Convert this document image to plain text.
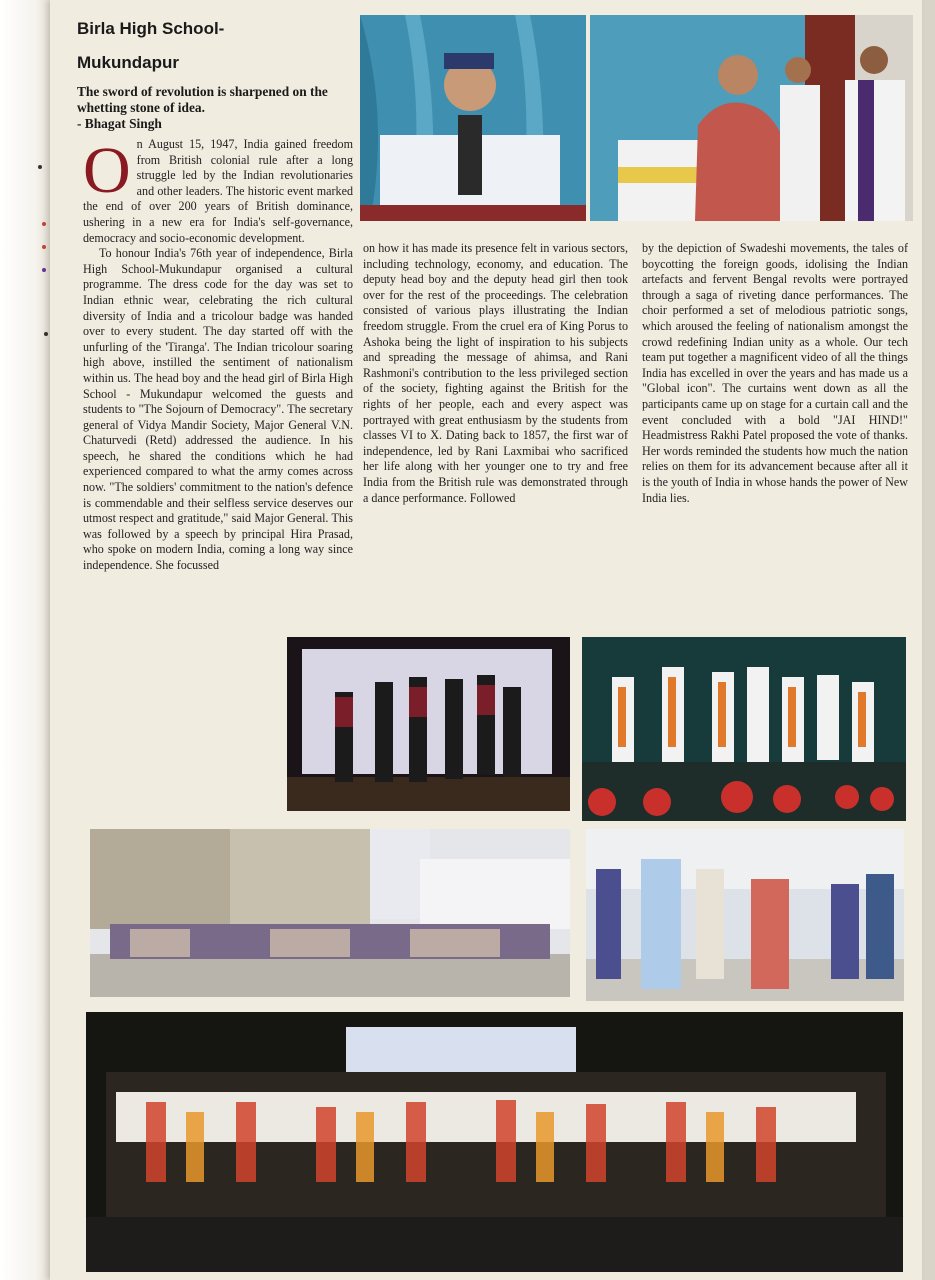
Birla High School-
Mukundapur
The sword of revolution is sharpened on the whetting stone of idea.
- Bhagat Singh
O n August 15, 1947, India gained freedom from British colonial rule after a long struggle led by the Indian revolutionaries and other leaders. The historic event marked the end of over 200 years of British dominance, ushering in a new era for India's self-governance, democracy and socio-economic development.

To honour India's 76th year of independence, Birla High School-Mukundapur organised a cultural programme. The dress code for the day was set to Indian ethnic wear, celebrating the rich cultural diversity of India and a tricolour badge was handed over to every student. The day started off with the unfurling of the 'Tiranga'. The Indian tricolour soaring high above, instilled the sentiment of nationalism within us. The head boy and the head girl of Birla High School - Mukundapur welcomed the guests and students to "The Sojourn of Democracy". The secretary general of Vidya Mandir Society, Major General V.N. Chaturvedi (Retd) addressed the audience. In his speech, he shared the conditions which he had experienced compared to what the army comes across now. "The soldiers' commitment to the nation's defence is commendable and their selfless service deserves our utmost respect and gratitude," said Major General. This was followed by a speech by principal Hira Prasad, who spoke on modern India, coming a long way since independence. She focussed

on how it has made its presence felt in various sectors, including technology, economy, and education. The deputy head boy and the deputy head girl then took over for the rest of the proceedings. The celebration consisted of various plays illustrating the Indian freedom struggle. From the cruel era of King Porus to Ashoka being the light of inspiration to his subjects and spreading the message of ahimsa, and Rani Rashmoni's contribution to the less privileged section of the society, fighting against the British for the rights of her people, each and every aspect was portrayed with great enthusiasm by the students from classes VI to X. Dating back to 1857, the first war of independence, led by Rani Laxmibai who sacrificed her life along with her younger one to try and free India from the British rule was demonstrated through a dance performance. Followed

by the depiction of Swadeshi movements, the tales of boycotting the foreign goods, idolising the Indian artefacts and fervent Bengal revolts were portrayed through a saga of riveting dance performances. The choir performed a set of melodious patriotic songs, which aroused the feeling of nationalism amongst the crowd redefining Indian unity as a whole. Our tech team put together a magnificent video of all the things India has excelled in over the years and has made us a "Global icon". The curtains went down as all the participants came up on stage for a curtain call and the event concluded with a bold "JAI HIND!" Headmistress Rakhi Patel proposed the vote of thanks. Her words reminded the students how much the nation relies on them for its advancement because after all it is the youth of India in whose hands the power of New India lies.
